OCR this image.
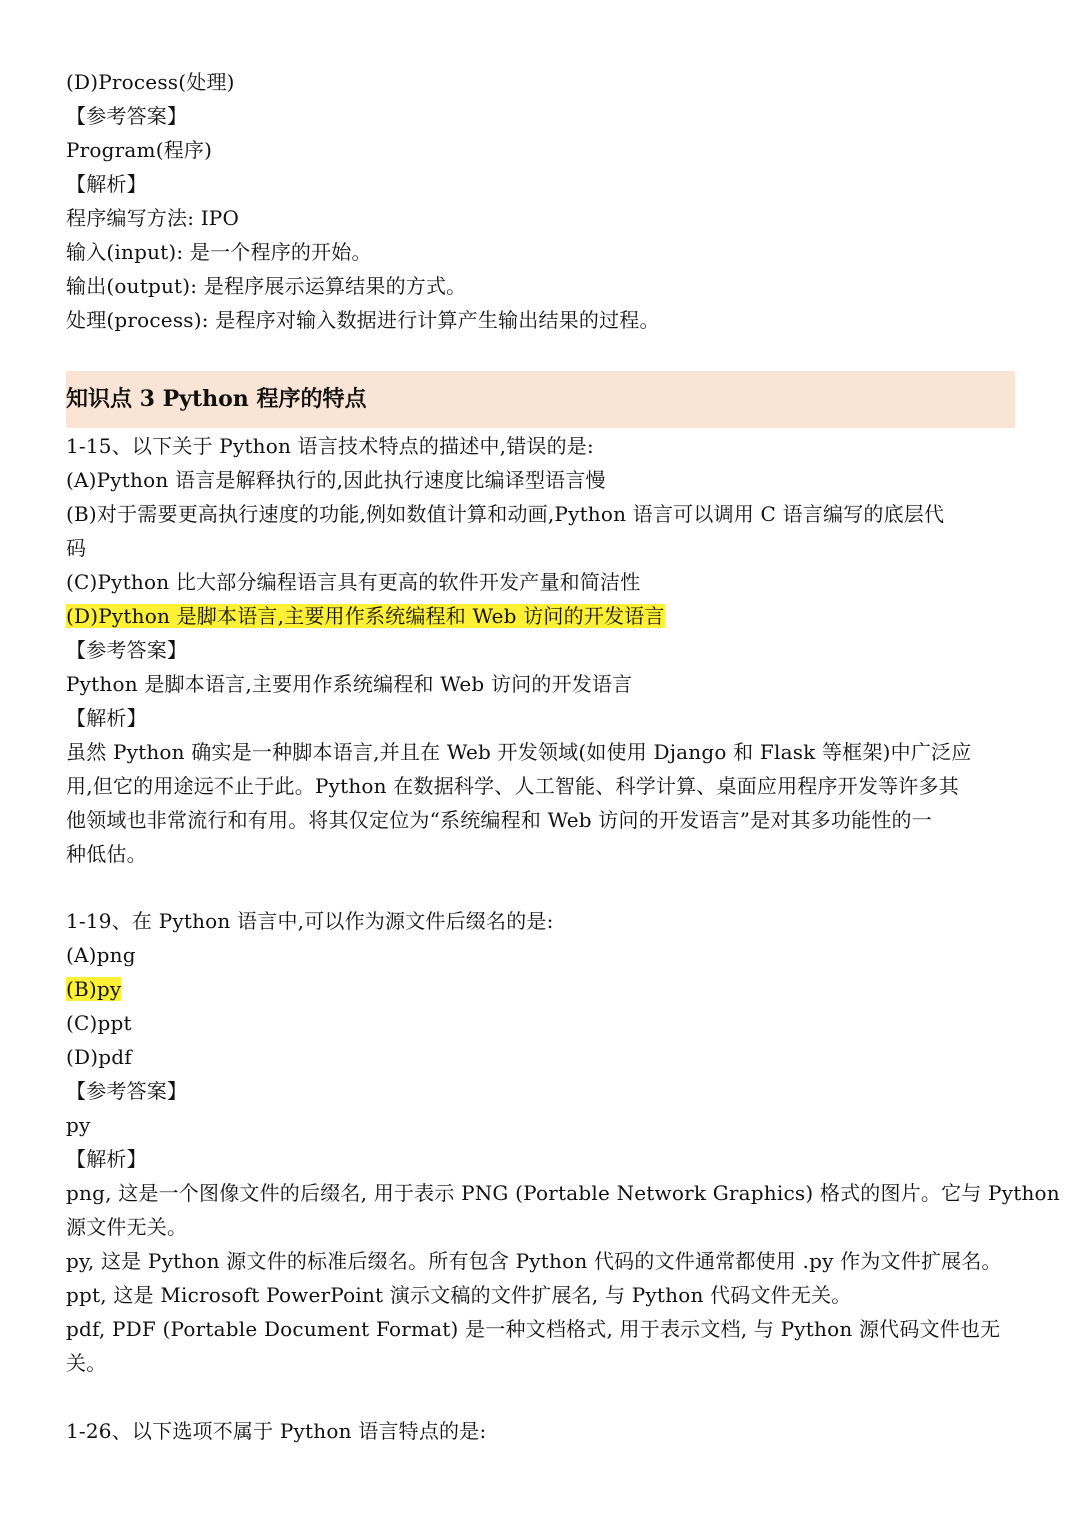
(D)Process(处理)
【参考答案】
Program(程序)
【解析】
程序编写方法: IPO
输入(input): 是一个程序的开始。
输出(output): 是程序展示运算结果的方式。
处理(process): 是程序对输入数据进行计算产生输出结果的过程。
知识点 3 Python 程序的特点
1-15、以下关于 Python 语言技术特点的描述中,错误的是:
(A)Python 语言是解释执行的,因此执行速度比编译型语言慢
(B)对于需要更高执行速度的功能,例如数值计算和动画,Python 语言可以调用 C 语言编写的底层代
码
(C)Python 比大部分编程语言具有更高的软件开发产量和简洁性
(D)Python 是脚本语言,主要用作系统编程和 Web 访问的开发语言
【参考答案】
Python 是脚本语言,主要用作系统编程和 Web 访问的开发语言
【解析】
虽然 Python 确实是一种脚本语言,并且在 Web 开发领域(如使用 Django 和 Flask 等框架)中广泛应
用,但它的用途远不止于此。Python 在数据科学、人工智能、科学计算、桌面应用程序开发等许多其
他领域也非常流行和有用。将其仅定位为“系统编程和 Web 访问的开发语言”是对其多功能性的一
种低估。
1-19、在 Python 语言中,可以作为源文件后缀名的是:
(A)png
(B)py
(C)ppt
(D)pdf
【参考答案】
py
【解析】
png, 这是一个图像文件的后缀名, 用于表示 PNG (Portable Network Graphics) 格式的图片。它与 Python
源文件无关。
py, 这是 Python 源文件的标准后缀名。所有包含 Python 代码的文件通常都使用 .py 作为文件扩展名。
ppt, 这是 Microsoft PowerPoint 演示文稿的文件扩展名, 与 Python 代码文件无关。
pdf, PDF (Portable Document Format) 是一种文档格式, 用于表示文档, 与 Python 源代码文件也无
关。
1-26、以下选项不属于 Python 语言特点的是:
